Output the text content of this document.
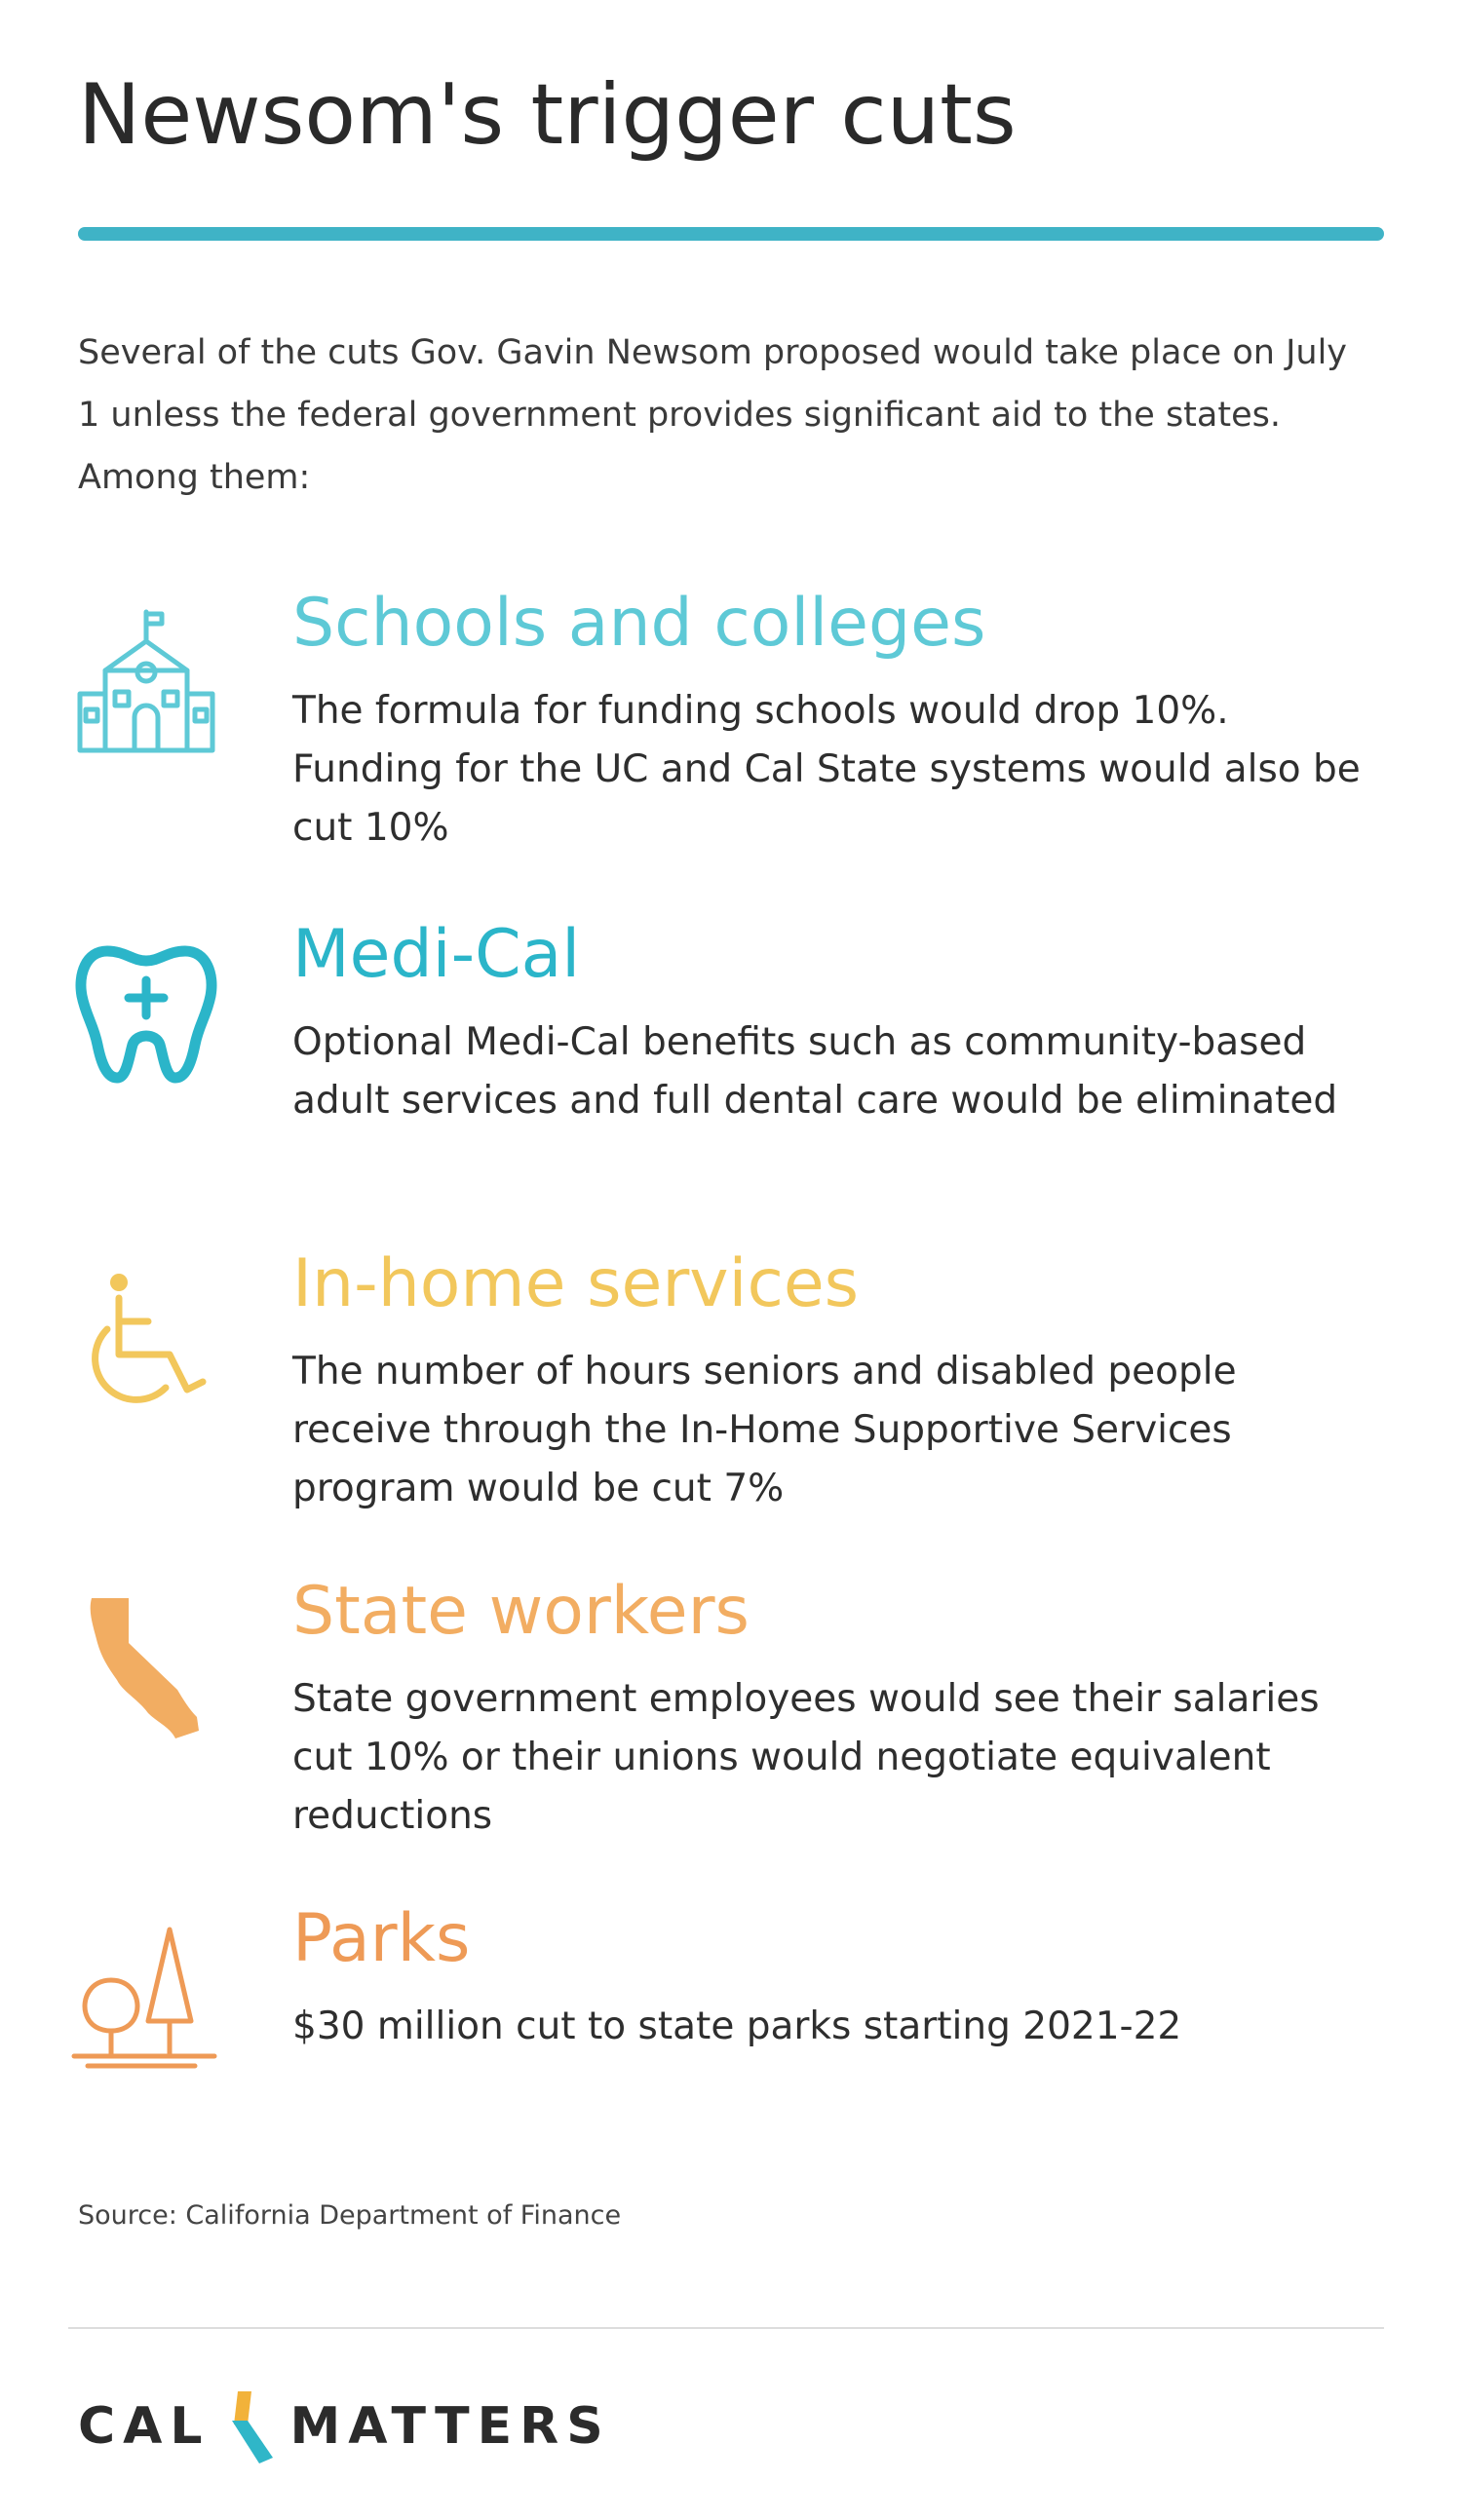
Newsom's trigger cuts
Several of the cuts Gov. Gavin Newsom proposed would take place on July 1 unless the federal government provides significant aid to the states. Among them:
Schools and colleges
The formula for funding schools would drop 10%. Funding for the UC and Cal State systems would also be cut 10%
Medi-Cal
Optional Medi-Cal benefits such as community-based adult services and full dental care would be eliminated
In-home services
The number of hours seniors and disabled people receive through the In-Home Supportive Services program would be cut 7%
State workers
State government employees would see their salaries cut 10% or their unions would negotiate equivalent reductions
Parks
$30 million cut to state parks starting 2021-22
Source: California Department of Finance
CAL MATTERS
